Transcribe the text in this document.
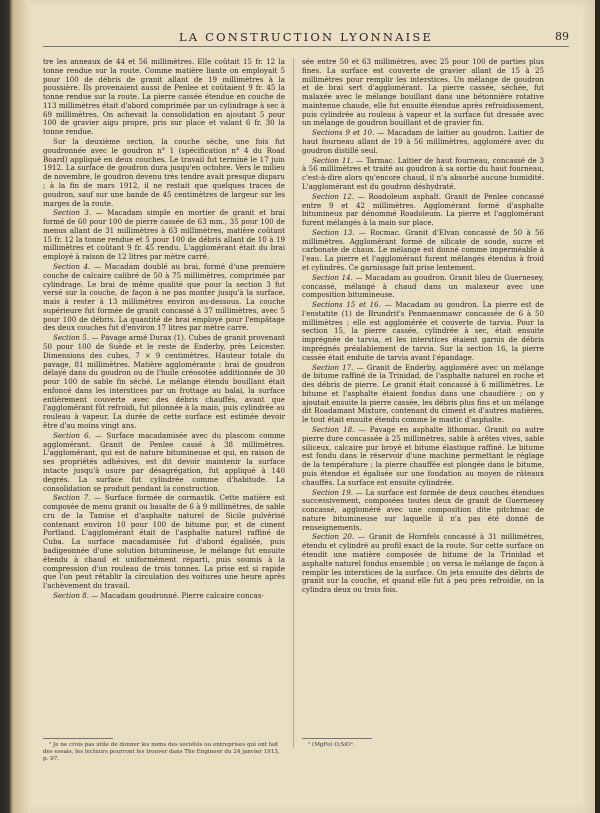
LA CONSTRUCTION LYONNAISE	89

tre les anneaux de 44 et 56 millimètres. Elle coûtait 15 fr. 12 la tonne rendue sur la route. Comme matière liante on employait 5 pour 100 de débris de granit allant de 19 millimètres à la poussière. Ils provenaient aussi de Penlee et coûtaient 9 fr. 45 la tonne rendue sur la route. La pierre cassée étendue en couche de 113 millimètres était d'abord comprimée par un cylindrage à sec à 69 millimètres. On achevait la consolidation en ajoutant 5 pour 100 de gravier aigu propre, pris sur place et valant 6 fr. 30 la tonne rendue.

Sur la deuxième section, la couche sèche, une fois fut goudronnée avec le goudron n° 1 (spécification n° 4 du Road Board) appliqué en deux couches. Le travail fut terminé le 17 juin 1912. La surface de goudron dura jusqu'en octobre. Vers le milieu de novembre, le goudron devenu très tendre avait presque disparu ; à la fin de mars 1912, il ne restait que quelques traces de goudron, sauf sur une bande de 45 centimètres de largeur sur les marges de la route.

Section 3. — Macadam simple en mortier de granit et brai formé de 60 pour 100 de pierre cassée de 63 mm., 35 pour 100 de menus allant de 31 millimètres à 63 millimètres, matière coûtant 15 fr. 12 la tonne rendue et 5 pour 100 de débris allant de 10 à 19 millimètres et coûtant 9 fr. 45 rendu. L'agglomérant était du brai employé à raison de 12 litres par mètre carré.

Section 4. — Macadam doublé au brai, formé d'une première couche de calcaire calibré de 50 à 75 millimètres, comprimée par cylindrage. Le brai de même qualité que pour la section 3 fut versé sur la couche, de façon à ne pas monter jusqu'à la surface, mais à rester à 13 millimètres environ au-dessous. La couche supérieure fut formée de granit concassé à 37 millimètres, avec 5 pour 100 de débris. La quantité de brai employé pour l'empâtage des deux couches fut d'environ 17 litres par mètre carré.

Section 5. — Pavage armé Durax (1). Cubes de granit provenant 50 pour 100 de Suède et le reste de Enderby, près Leicester. Dimensions des cubes, 7 × 9 centimètres. Hauteur totale du pavage, 81 millimètres. Matière agglomérante : brai de goudron délayé dans du goudron ou de l'huile créosotée additionnée de 30 pour 100 de sable fin séché. Le mélange étendu bouillant était enfoncé dans les interstices par un frottage au balai, la surface entièrement couverte avec des débris chauffés, avant que l'agglomérant fût refroidi, fut pilonnée à la main, puis cylindrée au rouleau à vapeur. La durée de cette surface est estimée devoir être d'au moins vingt ans.

Section 6. — Surface macadamisée avec du plascom comme agglomérant. Granit de Penlee cassé à 38 millimètres. L'agglomérant, qui est de nature bitumineuse et qui, en raison de ses propriétés adhésives, est dit devoir maintenir la surface intacte jusqu'à usure par désagrégation, fut appliqué à 140 degrés. La surface fut cylindrée comme d'habitude. La consolidation se produit pendant la construction.

Section 7. — Surface formée de cormastik. Cette matière est composée de menu granit ou basalte de 6 à 9 millimètres, de sable cru de la Tamise et d'asphalte naturel de Sicile pulvérisé contenant environ 10 pour 100 de bitume pur, et de ciment Portland. L'agglomérant était de l'asphalte naturel raffiné de Cuba. La surface macadamisée fut d'abord égalisée, puis badigeonnée d'une solution bitumineuse, le mélange fut ensuite étendu à chaud et uniformément réparti, puis soumis à la compression d'un rouleau de trois tonnes. La prise est si rapide que l'on peut rétablir la circulation des voitures une heure après l'achèvement du travail.

Section 8. — Macadam goudronné. Pierre calcaire concas-

sée entre 50 et 63 millimètres, avec 25 pour 100 de parties plus fines. La surface est couverte de gravier allant de 15 à 25 millimètres pour remplir les interstices. Un mélange de goudron et de brai sert d'agglomérant. La pierre cassée, séchée, fut malaxée avec le mélange bouillant dans une bétonnière rotative maintenue chaude, elle fut ensuite étendue après refroidissement, puis cylindrée au rouleau à vapeur et la surface fut dressée avec un mélange de goudron bouillant et de gravier fin.

Sections 9 et 10. — Macadam de laitier au goudron. Laitier de haut fourneau allant de 19 à 56 millimètres, aggloméré avec du goudron distillé seul.

Section 11. — Tarmac. Laitier de haut fourneau, concassé de 3 à 56 millimètres et traité au goudron à sa sortie du haut fourneau, c'est-à-dire alors qu'encore chaud, il n'a absorbé aucune humidité. L'agglomérant est du goudron déshydraté.

Section 12. — Roadoleum asphalt. Granit de Penlee concassé entre 9 et 42 millimètres. Agglomérant formé d'asphalte bitumineux par dénommé Roadoleum. La pierre et l'agglomérant furent mélangés à la main sur place.

Section 13. — Rocmac. Granit d'Elvan concassé de 50 à 56 millimètres. Agglomérant formé de silicate de soude, sucre et carbonate de chaux. Le mélange est donné comme imperméable à l'eau. La pierre et l'agglomérant furent mélangés étendus à froid et cylindrés. Ce garnissage fait prise lentement.

Section 14. — Macadam au goudron. Granit bleu de Guernesey, concassé, mélangé à chaud dans un malaxeur avec une composition bitumineuse.

Sections 15 et 16. — Macadam au goudron. La pierre est de l'enstatite (1) de Brundrit's Penmaenmawr concassée de 6 à 50 millimètres ; elle est agglomérée et couverte de tarvia. Pour la section 15, la pierre cassée, cylindrée à sec, était ensuite imprégnée de tarvia, et les interstices étaient garnis de débris imprégnés préalablement de tarvia. Sur la section 16, la pierre cassée était enduite de tarvia avant l'épandage.

Section 17. — Granit de Enderby, aggloméré avec un mélange de bitume raffiné de la Trinidad, de l'asphalte naturel en roche et des débris de pierre. Le granit était concassé à 6 millimètres. Le bitume et l'asphalte étaient fondus dans une chaudière ; on y ajoutait ensuite la pierre cassée, les débris plus fins et un mélange dit Roadamant Mixture, contenant du ciment et d'autres matières, le tout était ensuite étendu comme le mastic d'asphalte.

Section 18. — Pavage en asphalte lithomac. Granit ou autre pierre dure concassée à 25 millimètres, sable à arêtes vives, sable siliceux, calcaire pur broyé et bitume élastique raffiné. Le bitume est fondu dans le réservoir d'une machine permettant le réglage de la température ; la pierre chauffée est plongée dans le bitume, puis étendue et égalisée sur une fondation au moyen de râteaux chauffés. La surface est ensuite cylindrée.

Section 19. — La surface est formée de deux couches étendues successivement, composées toutes deux de granit de Guernesey concassé, aggloméré avec une composition dite pitchmac de nature bitumineuse sur laquelle il n'a pas été donné de renseignements.

Section 20. — Granit de Hornfels concassé à 31 millimètres, étendu et cylindré au profil exact de la route. Sur cette surface on étendit une matière composée de bitume de la Trinidad et asphalte naturel fondus ensemble ; on versa le mélange de façon à remplir les interstices de la surface. On jeta ensuite des débris de granit sur la couche, et quand elle fut à peu près refroidie, on la cylindra deux ou trois fois.

¹ Je ne crois pas utile de donner les noms des sociétés ou entreprises qui ont fait des essais, les lecteurs pourront les trouver dans The Engineer du 24 janvier 1913, p. 97.

¹ (MgFe) O,SiO².
